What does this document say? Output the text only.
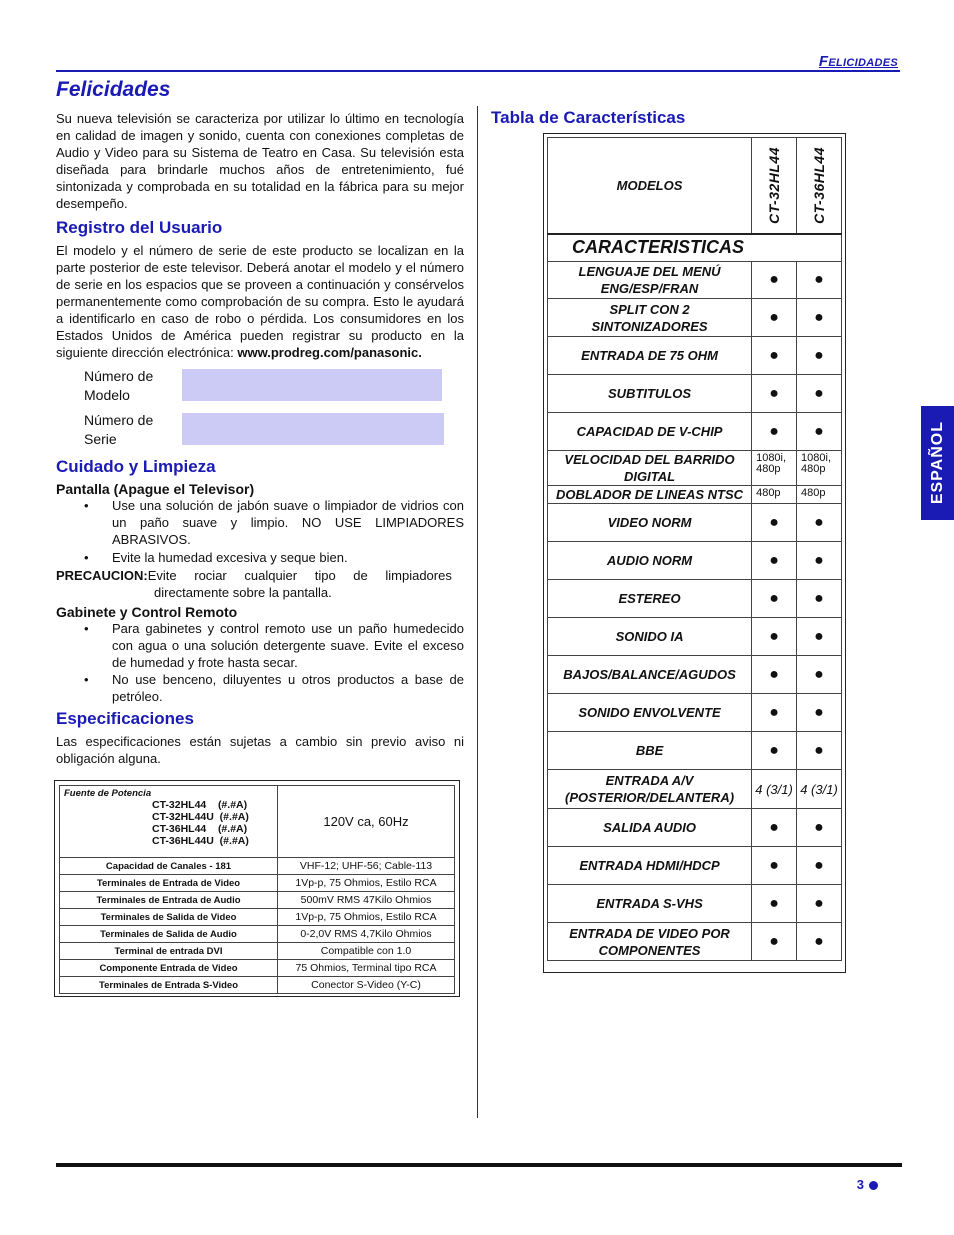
Felicidades
Felicidades
Su nueva televisión se caracteriza por utilizar lo último en tecnología en calidad de imagen y sonido, cuenta con conexiones completas de Audio y Video para su Sistema de Teatro en Casa. Su televisión esta diseñada para brindarle muchos años de entretenimiento, fué sintonizada y comprobada en su totalidad en la fábrica para su mejor desempeño.
Registro del Usuario
El modelo y el número de serie de este producto se localizan en la parte posterior de este televisor. Deberá anotar el modelo y el número de serie en los espacios que se proveen a continuación y consérvelos permanentemente como comprobación de su compra. Esto le ayudará a identificarlo en caso de robo o pérdida. Los consumidores en los Estados Unidos de América pueden registrar su producto en la siguiente dirección electrónica: www.prodreg.com/panasonic.
Número de Modelo
Número de Serie
Cuidado y Limpieza
Pantalla (Apague el Televisor)
• Use una solución de jabón suave o limpiador de vidrios con un paño suave y limpio. NO USE LIMPIADORES ABRASIVOS.
• Evite la humedad excesiva y seque bien.
PRECAUCION:Evite rociar cualquier tipo de limpiadores
directamente sobre la pantalla.
Gabinete y Control Remoto
• Para gabinetes y control remoto use un paño humedecido con agua o una solución detergente suave. Evite el exceso de humedad y frote hasta secar.
• No use benceno, diluyentes u otros productos a base de petróleo.
Especificaciones
Las especificaciones están sujetas a cambio sin previo aviso ni obligación alguna.
Fuente de Potencia
CT-32HL44    (#.#A)
CT-32HL44U  (#.#A)
CT-36HL44    (#.#A)
CT-36HL44U  (#.#A)	120V ca, 60Hz
Capacidad de Canales - 181	VHF-12; UHF-56; Cable-113
Terminales de Entrada de Video	1Vp-p, 75 Ohmios, Estilo RCA
Terminales de Entrada de Audio	500mV RMS 47Kilo Ohmios
Terminales de Salida de Video	1Vp-p, 75 Ohmios, Estilo RCA
Terminales de Salida de Audio	0-2,0V RMS 4,7Kilo Ohmios
Terminal de entrada DVI	Compatible con 1.0
Componente Entrada de Video	75 Ohmios, Terminal tipo RCA
Terminales de Entrada S-Video	Conector S-Video (Y-C)
Tabla de Características
MODELOS	CT-32HL44	CT-36HL44

CARACTERISTICAS		
LENGUAJE DEL MENÚ ENG/ESP/FRAN	●	●
SPLIT CON 2 SINTONIZADORES	●	●
ENTRADA DE 75 OHM	●	●
SUBTITULOS	●	●
CAPACIDAD DE V-CHIP	●	●
VELOCIDAD DEL BARRIDO DIGITAL	1080i, 480p	1080i, 480p
DOBLADOR DE LINEAS NTSC	480p	480p
VIDEO NORM	●	●
AUDIO NORM	●	●
ESTEREO	●	●
SONIDO IA	●	●
BAJOS/BALANCE/AGUDOS	●	●
SONIDO ENVOLVENTE	●	●
BBE	●	●
ENTRADA A/V (POSTERIOR/DELANTERA)	4 (3/1)	4 (3/1)
SALIDA AUDIO	●	●
ENTRADA HDMI/HDCP	●	●
ENTRADA S-VHS	●	●
ENTRADA DE VIDEO POR COMPONENTES	●	●
ESPAÑOL
3
